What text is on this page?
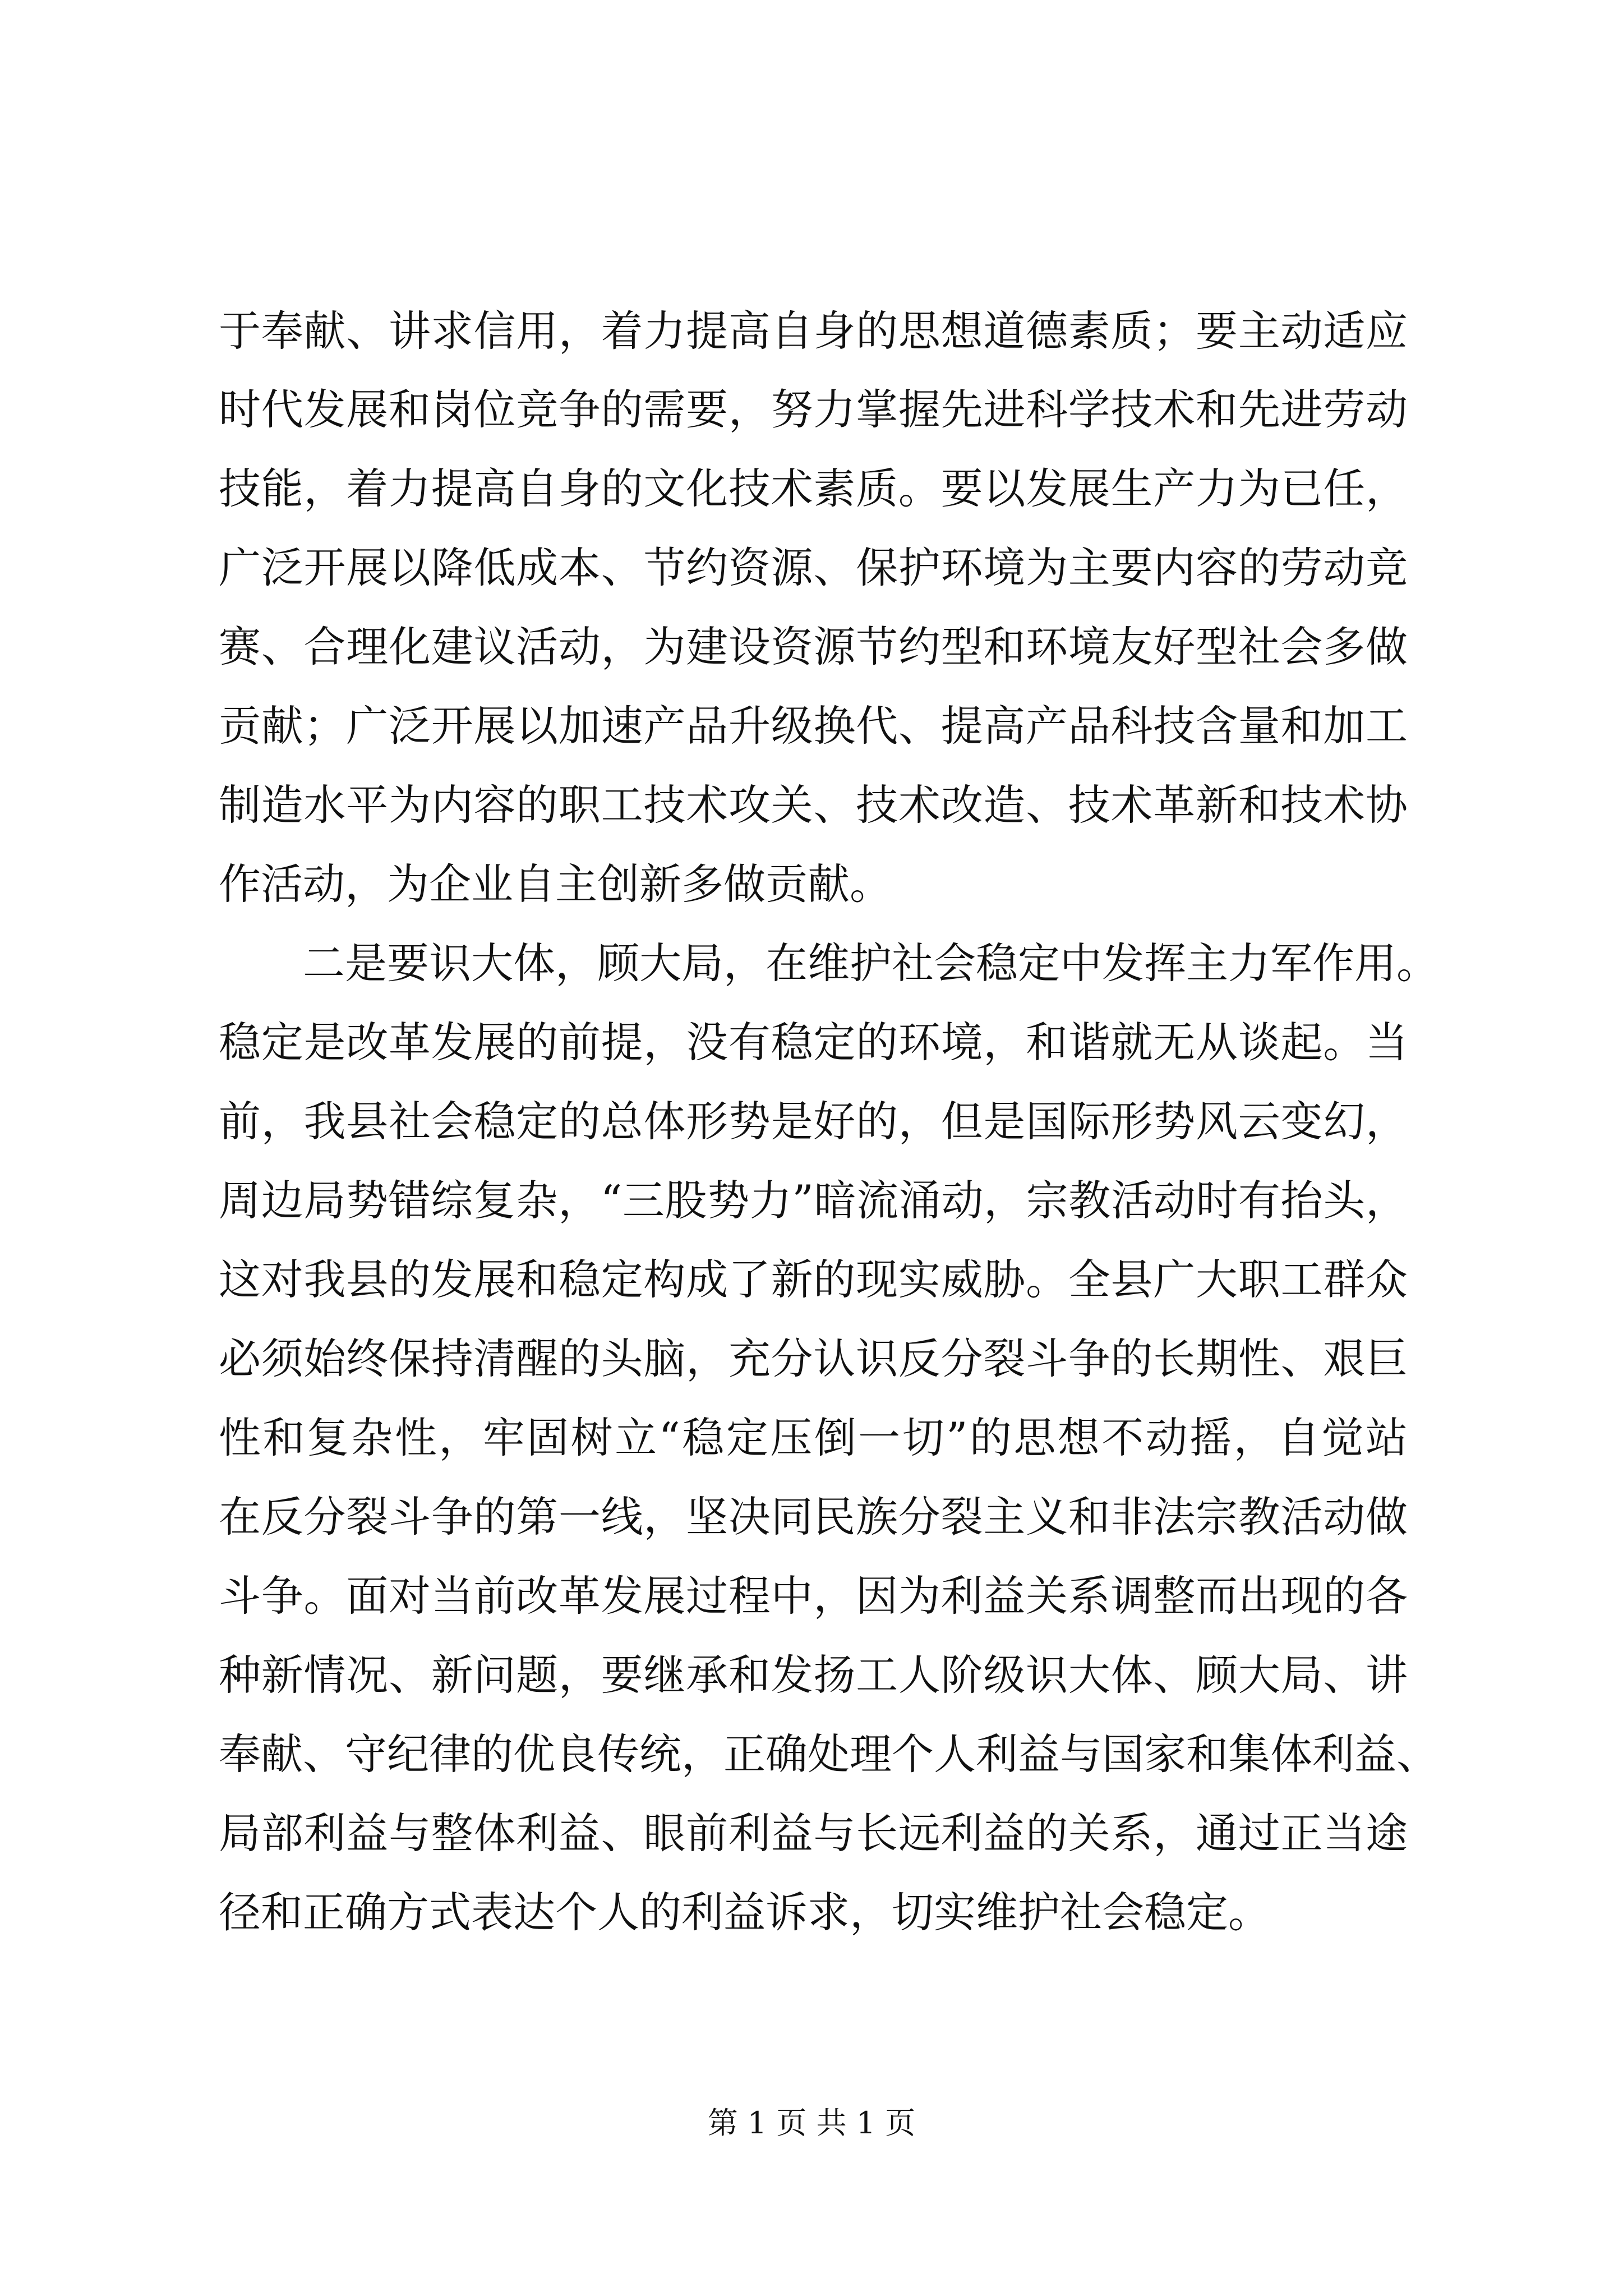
于奉献、讲求信用，着力提高自身的思想道德素质；要主动适应
时代发展和岗位竞争的需要，努力掌握先进科学技术和先进劳动
技能，着力提高自身的文化技术素质。要以发展生产力为已任，
广泛开展以降低成本、节约资源、保护环境为主要内容的劳动竞
赛、合理化建议活动，为建设资源节约型和环境友好型社会多做
贡献；广泛开展以加速产品升级换代、提高产品科技含量和加工
制造水平为内容的职工技术攻关、技术改造、技术革新和技术协
作活动，为企业自主创新多做贡献。
　　二是要识大体，顾大局，在维护社会稳定中发挥主力军作用。
稳定是改革发展的前提，没有稳定的环境，和谐就无从谈起。当
前，我县社会稳定的总体形势是好的，但是国际形势风云变幻，
周边局势错综复杂，“三股势力”暗流涌动，宗教活动时有抬头，
这对我县的发展和稳定构成了新的现实威胁。全县广大职工群众
必须始终保持清醒的头脑，充分认识反分裂斗争的长期性、艰巨
性和复杂性，牢固树立“稳定压倒一切”的思想不动摇，自觉站
在反分裂斗争的第一线，坚决同民族分裂主义和非法宗教活动做
斗争。面对当前改革发展过程中，因为利益关系调整而出现的各
种新情况、新问题，要继承和发扬工人阶级识大体、顾大局、讲
奉献、守纪律的优良传统，正确处理个人利益与国家和集体利益、
局部利益与整体利益、眼前利益与长远利益的关系，通过正当途
径和正确方式表达个人的利益诉求，切实维护社会稳定。
第 1 页 共 1 页
